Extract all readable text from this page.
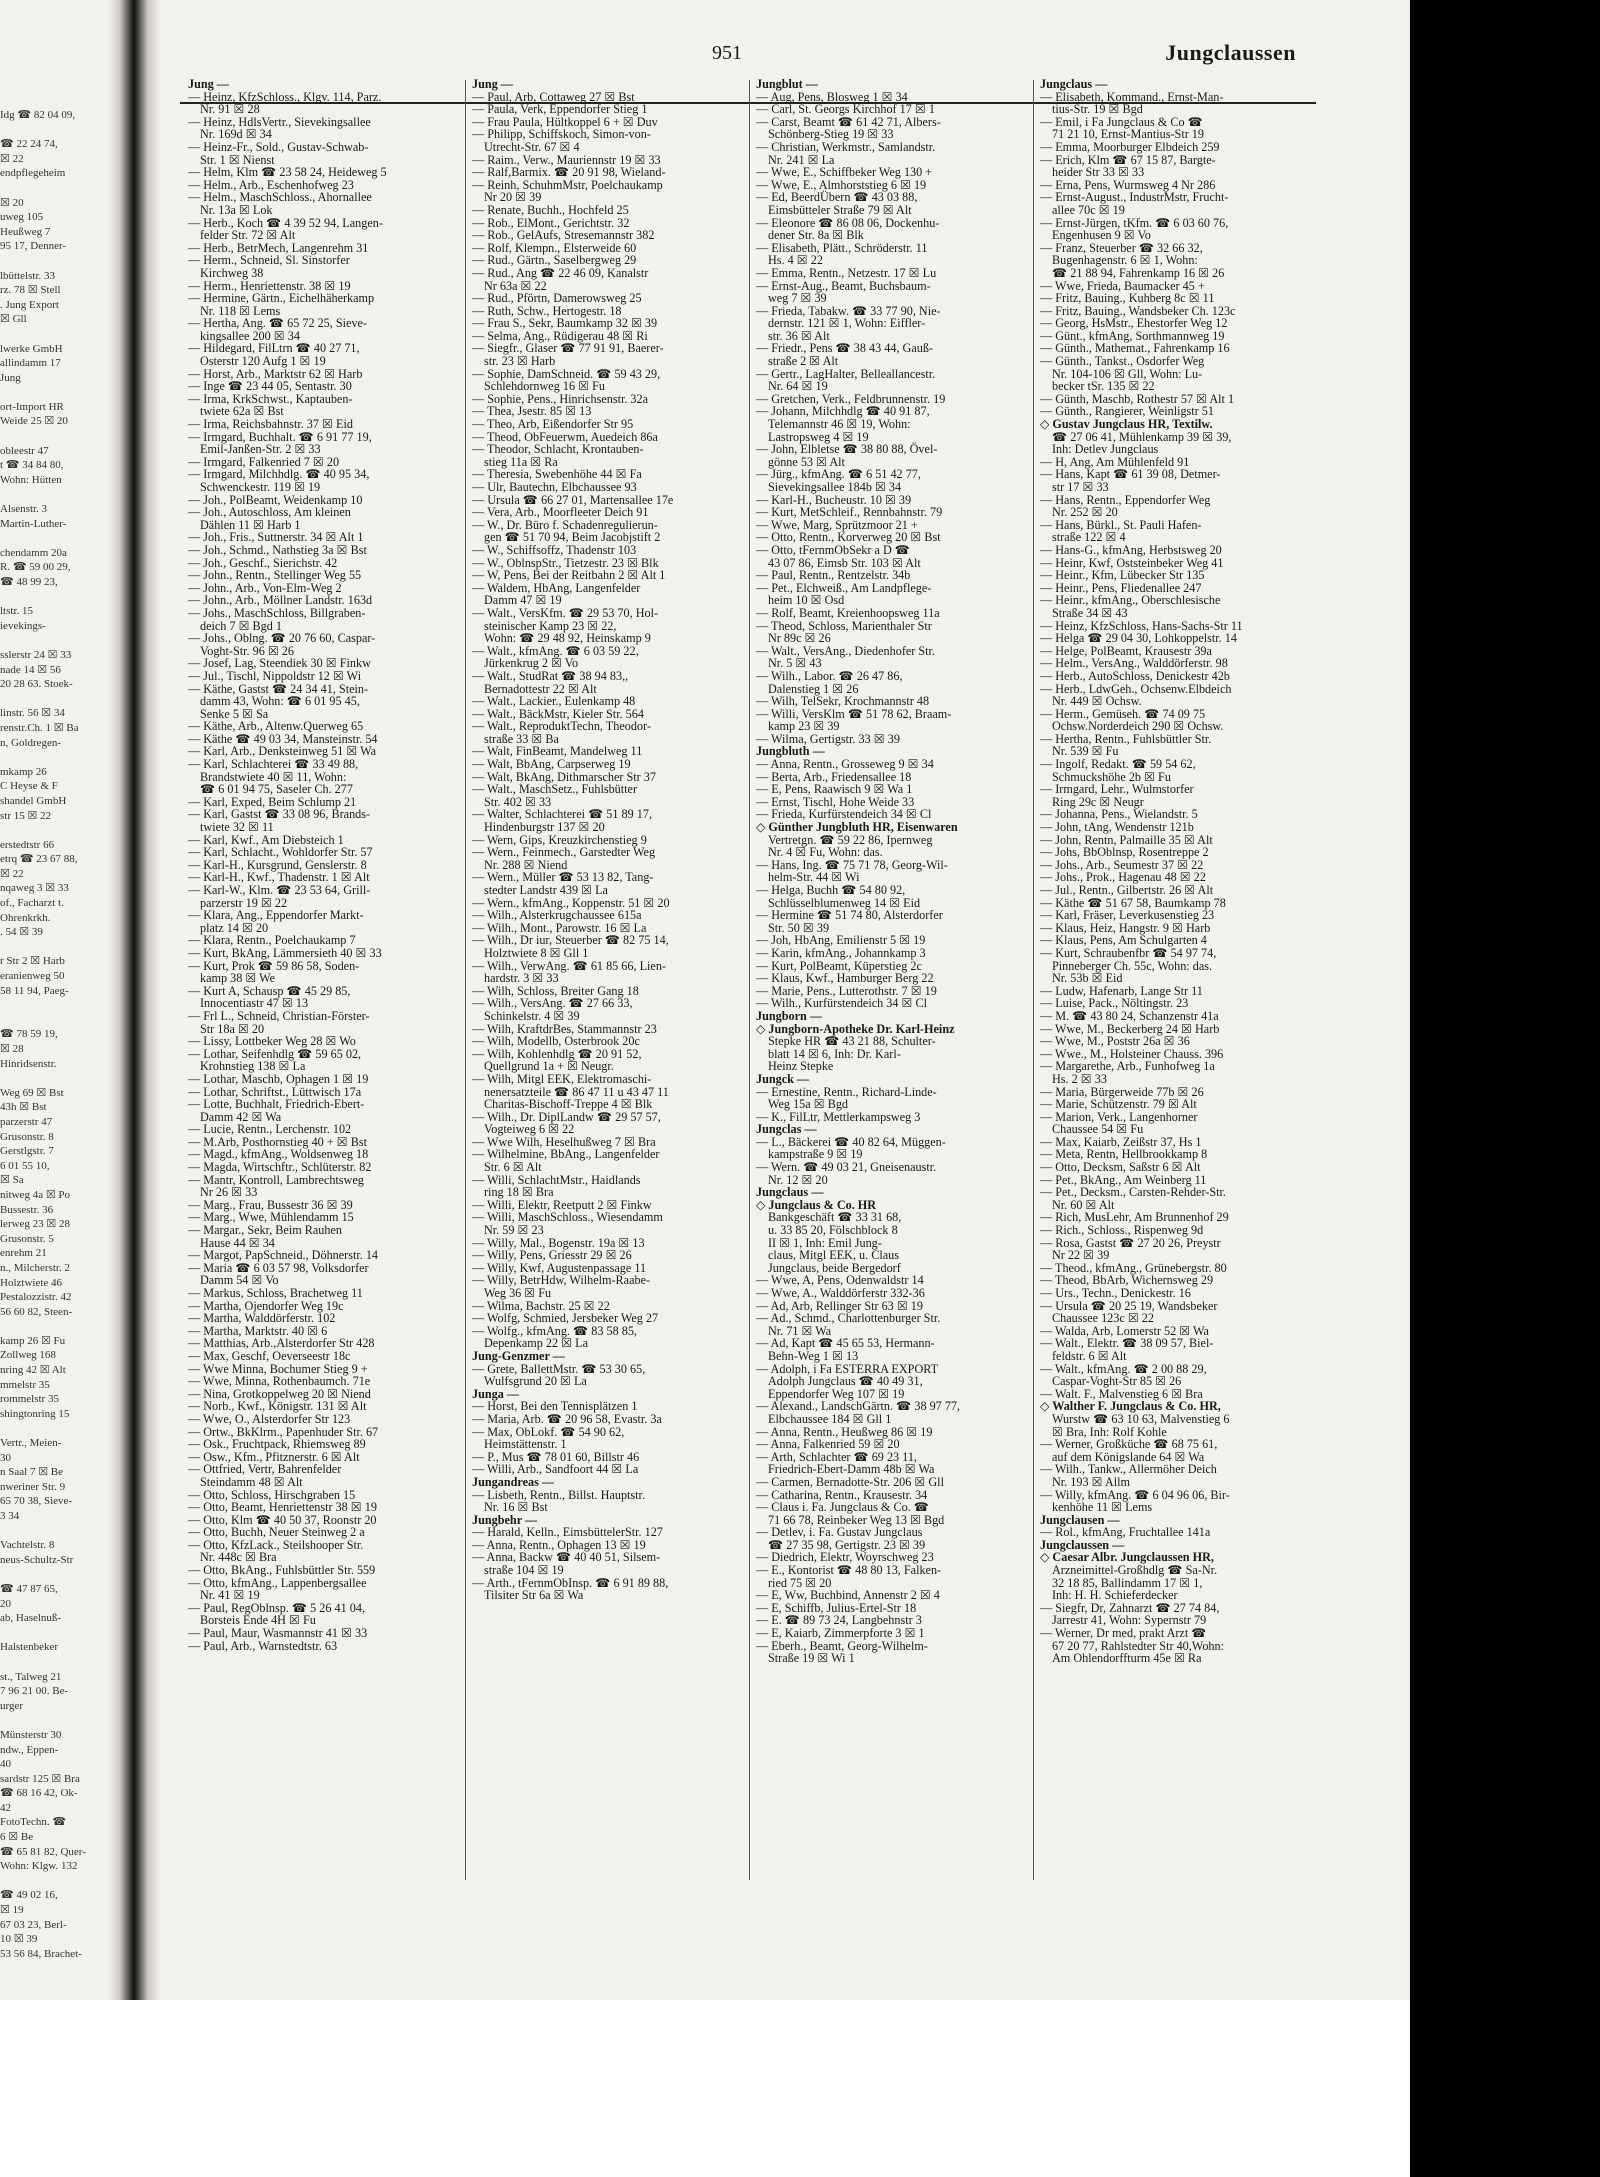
Idg ☎ 82 04 09,

☎ 22 24 74,
☒ 22
endpflegeheim

☒ 20
uweg 105
Heußweg 7
95 17, Denner-

lbüttelstr. 33
rz. 78 ☒ Stell
. Jung Export
☒ Gll

lwerke GmbH
allindamm 17
Jung

ort-Import HR
Weide 25 ☒ 20

obleestr 47
t ☎ 34 84 80,
Wohn: Hütten

Alsenstr. 3
Martin-Luther-

chendamm 20a
R. ☎ 59 00 29,
☎ 48 99 23,

ltstr. 15
ievekings-

sslerstr 24 ☒ 33
nade 14 ☒ 56
20 28 63. Stoek-

linstr. 56 ☒ 34
renstr.Ch. 1 ☒ Ba
n, Goldregen-

mkamp 26
C Heyse & F
shandel GmbH
str 15 ☒ 22

erstedtstr 66
etrq ☎ 23 67 88,
☒ 22
nqaweg 3 ☒ 33
of., Facharzt t.
Ohrenkrkh.
. 54 ☒ 39

r Str 2 ☒ Harb
eranienweg 50
58 11 94, Paeg-

☎ 78 59 19,
☒ 28
Hinridsenstr.

Weg 69 ☒ Bst
43h ☒ Bst
parzerstr 47
Grusonstr. 8
Gerstlgstr. 7
6 01 55 10,
☒ Sa
nitweg 4a ☒ Po
Bussestr. 36
lerweg 23 ☒ 28
Grusonstr. 5
enrehm 21
n., Milcherstr. 2
Holztwiete 46
Pestalozzistr. 42
56 60 82, Steen-

kamp 26 ☒ Fu
Zollweg 168
nring 42 ☒ Alt
mmelstr 35
rommelstr 35
shingtonring 15

Vertr., Meien-
30
n Saal 7 ☒ Be
nweriner Str. 9
65 70 38, Sieve-
3 34

Vachtelstr. 8
neus-Schultz-Str

☎ 47 87 65,
20
ab, Haselnuß-

Halstenbeker

st., Talweg 21
7 96 21 00. Be-
urger

Münsterstr 30
ndw., Eppen-
40
sardstr 125 ☒ Bra
☎ 68 16 42, Ok-
42
FotoTechn. ☎
6 ☒ Be
☎ 65 81 82, Quer-
Wohn: Klgw. 132

☎ 49 02 16,
☒ 19
67 03 23, Berl-
10 ☒ 39
53 56 84, Brachet-
951	Jungclaussen
Jung —
— Heinz, KfzSchloss., Klgv. 114, Parz.
Nr. 91 ☒ 28
— Heinz, HdlsVertr., Sievekingsallee
Nr. 169d ☒ 34
— Heinz-Fr., Sold., Gustav-Schwab-
Str. 1 ☒ Nienst
— Helm, Klm ☎ 23 58 24, Heideweg 5
— Helm., Arb., Eschenhofweg 23
— Helm., MaschSchloss., Ahornallee
Nr. 13a ☒ Lok
— Herb., Koch ☎ 4 39 52 94, Langen-
felder Str. 72 ☒ Alt
— Herb., BetrMech, Langenrehm 31
— Herm., Schneid, Sl. Sinstorfer
Kirchweg 38
— Herm., Henriettenstr. 38 ☒ 19
— Hermine, Gärtn., Eichelhäherkamp
Nr. 118 ☒ Lems
— Hertha, Ang. ☎ 65 72 25, Sieve-
kingsallee 200 ☒ 34
— Hildegard, FilLtrn ☎ 40 27 71,
Osterstr 120 Aufg 1 ☒ 19
— Horst, Arb., Marktstr 62 ☒ Harb
— Inge ☎ 23 44 05, Sentastr. 30
— Irma, KrkSchwst., Kaptauben-
twiete 62a ☒ Bst
— Irma, Reichsbahnstr. 37 ☒ Eid
— Irmgard, Buchhalt. ☎ 6 91 77 19,
Emil-Janßen-Str. 2 ☒ 33
— Irmgard, Falkenried 7 ☒ 20
— Irmgard, Milchhdlg. ☎ 40 95 34,
Schwenckestr. 119 ☒ 19
— Joh., PolBeamt, Weidenkamp 10
— Joh., Autoschloss, Am kleinen
Dählen 11 ☒ Harb 1
— Joh., Fris., Suttnerstr. 34 ☒ Alt 1
— Joh., Schmd., Nathstieg 3a ☒ Bst
— Joh., Geschf., Sierichstr. 42
— John., Rentn., Stellinger Weg 55
— John., Arb., Von-Elm-Weg 2
— John., Arb., Möllner Landstr. 163d
— Johs., MaschSchloss, Billgraben-
deich 7 ☒ Bgd 1
— Johs., Oblng. ☎ 20 76 60, Caspar-
Voght-Str. 96 ☒ 26
— Josef, Lag, Steendiek 30 ☒ Finkw
— Jul., Tischl, Nippoldstr 12 ☒ Wi
— Käthe, Gastst ☎ 24 34 41, Stein-
damm 43, Wohn: ☎ 6 01 95 45,
Senke 5 ☒ Sa
— Käthe, Arb., Altenw.Querweg 65
— Käthe ☎ 49 03 34, Mansteinstr. 54
— Karl, Arb., Denksteinweg 51 ☒ Wa
— Karl, Schlachterei ☎ 33 49 88,
Brandstwiete 40 ☒ 11, Wohn:
☎ 6 01 94 75, Saseler Ch. 277
— Karl, Exped, Beim Schlump 21
— Karl, Gastst ☎ 33 08 96, Brands-
twiete 32 ☒ 11
— Karl, Kwf., Am Diebsteich 1
— Karl, Schlacht., Wohldorfer Str. 57
— Karl-H., Kursgrund, Genslerstr. 8
— Karl-H., Kwf., Thadenstr. 1 ☒ Alt
— Karl-W., Klm. ☎ 23 53 64, Grill-
parzerstr 19 ☒ 22
— Klara, Ang., Eppendorfer Markt-
platz 14 ☒ 20
— Klara, Rentn., Poelchaukamp 7
— Kurt, BkAng, Lämmersieth 40 ☒ 33
— Kurt, Prok ☎ 59 86 58, Soden-
kamp 38 ☒ We
— Kurt A, Schausp ☎ 45 29 85,
Innocentiastr 47 ☒ 13
— Frl L., Schneid, Christian-Förster-
Str 18a ☒ 20
— Lissy, Lottbeker Weg 28 ☒ Wo
— Lothar, Seifenhdlg ☎ 59 65 02,
Krohnstieg 138 ☒ La
— Lothar, Maschb, Ophagen 1 ☒ 19
— Lothar, Schriftst., Lüttwisch 17a
— Lotte, Buchhalt, Friedrich-Ebert-
Damm 42 ☒ Wa
— Lucie, Rentn., Lerchenstr. 102
— M.Arb, Posthornstieg 40 + ☒ Bst
— Magd., kfmAng., Woldsenweg 18
— Magda, Wirtschftr., Schlüterstr. 82
— Mantr, Kontroll, Lambrechtsweg
Nr 26 ☒ 33
— Marg., Frau, Bussestr 36 ☒ 39
— Marg., Wwe, Mühlendamm 15
— Margar., Sekr, Beim Rauhen
Hause 44 ☒ 34
— Margot, PapSchneid., Döhnerstr. 14
— Maria ☎ 6 03 57 98, Volksdorfer
Damm 54 ☒ Vo
— Markus, Schloss, Brachetweg 11
— Martha, Ojendorfer Weg 19c
— Martha, Walddörferstr. 102
— Martha, Marktstr. 40 ☒ 6
— Matthias, Arb.,Alsterdorfer Str 428
— Max, Geschf, Oeverseestr 18c
— Wwe Minna, Bochumer Stieg 9 +
— Wwe, Minna, Rothenbaumch. 71e
— Nina, Grotkoppelweg 20 ☒ Niend
— Norb., Kwf., Königstr. 131 ☒ Alt
— Wwe, O., Alsterdorfer Str 123
— Ortw., BkKlrm., Papenhuder Str. 67
— Osk., Fruchtpack, Rhiemsweg 89
— Osw., Kfm., Pfitznerstr. 6 ☒ Alt
— Ottfried, Vertr, Bahrenfelder
Steindamm 48 ☒ Alt
— Otto, Schloss, Hirschgraben 15
— Otto, Beamt, Henriettenstr 38 ☒ 19
— Otto, Klm ☎ 40 50 37, Roonstr 20
— Otto, Buchh, Neuer Steinweg 2 a
— Otto, KfzLack., Steilshooper Str.
Nr. 448c ☒ Bra
— Otto, BkAng., Fuhlsbüttler Str. 559
— Otto, kfmAng., Lappenbergsallee
Nr. 41 ☒ 19
— Paul, RegOblnsp. ☎ 5 26 41 04,
Borsteis Ende 4H ☒ Fu
— Paul, Maur, Wasmannstr 41 ☒ 33
— Paul, Arb., Warnstedtstr. 63
Jung —
— Paul, Arb, Cottaweg 27 ☒ Bst
— Paula, Verk, Eppendorfer Stieg 1
— Frau Paula, Hültkoppel 6 + ☒ Duv
— Philipp, Schiffskoch, Simon-von-
Utrecht-Str. 67 ☒ 4
— Raim., Verw., Mauriennstr 19 ☒ 33
— Ralf,Barmix. ☎ 20 91 98, Wieland-
— Reinh, SchuhmMstr, Poelchaukamp
Nr 20 ☒ 39
— Renate, Buchh., Hochfeld 25
— Rob., ElMont., Gerichtstr. 32
— Rob., GelAufs, Stresemannstr 382
— Rolf, Klempn., Elsterweide 60
— Rud., Gärtn., Saselbergweg 29
— Rud., Ang ☎ 22 46 09, Kanalstr
Nr 63a ☒ 22
— Rud., Pförtn, Damerowsweg 25
— Ruth, Schw., Hertogestr. 18
— Frau S., Sekr, Baumkamp 32 ☒ 39
— Selma, Ang., Rüdigerau 48 ☒ Ri
— Siegfr., Glaser ☎ 77 91 91, Baerer-
str. 23 ☒ Harb
— Sophie, DamSchneid. ☎ 59 43 29,
Schlehdornweg 16 ☒ Fu
— Sophie, Pens., Hinrichsenstr. 32a
— Thea, Jsestr. 85 ☒ 13
— Theo, Arb, Eißendorfer Str 95
— Theod, ObFeuerwm, Auedeich 86a
— Theodor, Schlacht, Krontauben-
stieg 11a ☒ Ra
— Theresia, Swebenhöhe 44 ☒ Fa
— Ulr, Bautechn, Elbchaussee 93
— Ursula ☎ 66 27 01, Martensallee 17e
— Vera, Arb., Moorfleeter Deich 91
— W., Dr. Büro f. Schadenregulierun-
gen ☎ 51 70 94, Beim Jacobjstift 2
— W., Schiffsoffz, Thadenstr 103
— W., OblnspStr., Tietzestr. 23 ☒ Blk
— W, Pens, Bei der Reitbahn 2 ☒ Alt 1
— Waldem, HbAng, Langenfelder
Damm 47 ☒ 19
— Walt., VersKfm. ☎ 29 53 70, Hol-
steinischer Kamp 23 ☒ 22,
Wohn: ☎ 29 48 92, Heinskamp 9
— Walt., kfmAng. ☎ 6 03 59 22,
Jürkenkrug 2 ☒ Vo
— Walt., StudRat ☎ 38 94 83,,
Bernadottestr 22 ☒ Alt
— Walt., Lackier., Eulenkamp 48
— Walt., BäckMstr, Kieler Str. 564
— Walt., ReproduktTechn, Theodor-
straße 33 ☒ Ba
— Walt, FinBeamt, Mandelweg 11
— Walt, BbAng, Carpserweg 19
— Walt, BkAng, Dithmarscher Str 37
— Walt., MaschSetz., Fuhlsbütter
Str. 402 ☒ 33
— Walter, Schlachterei ☎ 51 89 17,
Hindenburgstr 137 ☒ 20
— Wern, Gips, Kreuzkirchenstieg 9
— Wern., Feinmech., Garstedter Weg
Nr. 288 ☒ Niend
— Wern., Müller ☎ 53 13 82, Tang-
stedter Landstr 439 ☒ La
— Wern., kfmAng., Koppenstr. 51 ☒ 20
— Wilh., Alsterkrugchaussee 615a
— Wilh., Mont., Parowstr. 16 ☒ La
— Wilh., Dr iur, Steuerber ☎ 82 75 14,
Holztwiete 8 ☒ Gll 1
— Wilh., VerwAng. ☎ 61 85 66, Lien-
hardstr. 3 ☒ 33
— Wilh, Schloss, Breiter Gang 18
— Wilh., VersAng. ☎ 27 66 33,
Schinkelstr. 4 ☒ 39
— Wilh, KraftdrBes, Stammannstr 23
— Wilh, Modellb, Osterbrook 20c
— Wilh, Kohlenhdlg ☎ 20 91 52,
Quellgrund 1a + ☒ Neugr.
— Wilh, Mitgl EEK, Elektromaschi-
nenersatzteile ☎ 86 47 11 u 43 47 11
Charitas-Bischoff-Treppe 4 ☒ Blk
— Wilh., Dr. DiplLandw ☎ 29 57 57,
Vogteiweg 6 ☒ 22
— Wwe Wilh, Heselhußweg 7 ☒ Bra
— Wilhelmine, BbAng., Langenfelder
Str. 6 ☒ Alt
— Willi, SchlachtMstr., Haidlands
ring 18 ☒ Bra
— Willi, Elektr, Reetputt 2 ☒ Finkw
— Willi, MaschSchloss., Wiesendamm
Nr. 59 ☒ 23
— Willy, Mal., Bogenstr. 19a ☒ 13
— Willy, Pens, Griesstr 29 ☒ 26
— Willy, Kwf, Augustenpassage 11
— Willy, BetrHdw, Wilhelm-Raabe-
Weg 36 ☒ Fu
— Wilma, Bachstr. 25 ☒ 22
— Wolfg, Schmied, Jersbeker Weg 27
— Wolfg., kfmAng. ☎ 83 58 85,
Depenkamp 22 ☒ La
Jung-Genzmer —
— Grete, BallettMstr. ☎ 53 30 65,
Wulfsgrund 20 ☒ La
Junga —
— Horst, Bei den Tennisplätzen 1
— Maria, Arb. ☎ 20 96 58, Evastr. 3a
— Max, ObLokf. ☎ 54 90 62,
Heimstättenstr. 1
— P., Mus ☎ 78 01 60, Billstr 46
— Willi, Arb., Sandfoort 44 ☒ La
Jungandreas —
— Lisbeth, Rentn., Billst. Hauptstr.
Nr. 16 ☒ Bst
Jungbehr —
— Harald, Kelln., EimsbüttelerStr. 127
— Anna, Rentn., Ophagen 13 ☒ 19
— Anna, Backw ☎ 40 40 51, Silsem-
straße 104 ☒ 19
— Arth., tFernmObInsp. ☎ 6 91 89 88,
Tilsiter Str 6a ☒ Wa
Jungblut —
— Aug, Pens, Blosweg 1 ☒ 34
— Carl, St. Georgs Kirchhof 17 ☒ 1
— Carst, Beamt ☎ 61 42 71, Albers-
Schönberg-Stieg 19 ☒ 33
— Christian, Werkmstr., Samlandstr.
Nr. 241 ☒ La
— Wwe, E., Schiffbeker Weg 130 +
— Wwe, E., Almhorststieg 6 ☒ 19
— Ed, BeerdÜbern ☎ 43 03 88,
Eimsbütteler Straße 79 ☒ Alt
— Eleonore ☎ 86 08 06, Dockenhu-
dener Str. 8a ☒ Blk
— Elisabeth, Plätt., Schröderstr. 11
Hs. 4 ☒ 22
— Emma, Rentn., Netzestr. 17 ☒ Lu
— Ernst-Aug., Beamt, Buchsbaum-
weg 7 ☒ 39
— Frieda, Tabakw. ☎ 33 77 90, Nie-
dernstr. 121 ☒ 1, Wohn: Eiffler-
str. 36 ☒ Alt
— Friedr., Pens ☎ 38 43 44, Gauß-
straße 2 ☒ Alt
— Gertr., LagHalter, Belleallancestr.
Nr. 64 ☒ 19
— Gretchen, Verk., Feldbrunnenstr. 19
— Johann, Milchhdlg ☎ 40 91 87,
Telemannstr 46 ☒ 19, Wohn:
Lastropsweg 4 ☒ 19
— John, Elbletse ☎ 38 80 88, Övel-
gönne 53 ☒ Alt
— Jürg., kfmAng. ☎ 6 51 42 77,
Sievekingsallee 184b ☒ 34
— Karl-H., Bucheustr. 10 ☒ 39
— Kurt, MetSchleif., Rennbahnstr. 79
— Wwe, Marg, Sprützmoor 21 +
— Otto, Rentn., Korverweg 20 ☒ Bst
— Otto, tFernmObSekr a D ☎
43 07 86, Eimsb Str. 103 ☒ Alt
— Paul, Rentn., Rentzelstr. 34b
— Pet., Elchweiß., Am Landpflege-
heim 10 ☒ Osd
— Rolf, Beamt, Kreienhoopsweg 11a
— Theod, Schloss, Marienthaler Str
Nr 89c ☒ 26
— Walt., VersAng., Diedenhofer Str.
Nr. 5 ☒ 43
— Wilh., Labor. ☎ 26 47 86,
Dalenstieg 1 ☒ 26
— Wilh, TelSekr, Krochmannstr 48
— Willi, VersKlm ☎ 51 78 62, Braam-
kamp 23 ☒ 39
— Wilma, Gertigstr. 33 ☒ 39
Jungbluth —
— Anna, Rentn., Grosseweg 9 ☒ 34
— Berta, Arb., Friedensallee 18
— E, Pens, Raawisch 9 ☒ Wa 1
— Ernst, Tischl, Hohe Weide 33
— Frieda, Kurfürstendeich 34 ☒ Cl
◇ Günther Jungbluth HR, Eisenwaren
Vertretgn. ☎ 59 22 86, Ipernweg
Nr. 4 ☒ Fu, Wohn: das.
— Hans, Ing. ☎ 75 71 78, Georg-Wil-
helm-Str. 44 ☒ Wi
— Helga, Buchh ☎ 54 80 92,
Schlüsselblumenweg 14 ☒ Eid
— Hermine ☎ 51 74 80, Alsterdorfer
Str. 50 ☒ 39
— Joh, HbAng, Emilienstr 5 ☒ 19
— Karin, kfmAng., Johannkamp 3
— Kurt, PolBeamt, Küperstieg 2c
— Klaus, Kwf., Hamburger Berg 22
— Marie, Pens., Lutterothstr. 7 ☒ 19
— Wilh., Kurfürstendeich 34 ☒ Cl
Jungborn —
◇ Jungborn-Apotheke Dr. Karl-Heinz
Stepke HR ☎ 43 21 88, Schulter-
blatt 14 ☒ 6, Inh: Dr. Karl-
Heinz Stepke
Jungck —
— Ernestine, Rentn., Richard-Linde-
Weg 15a ☒ Bgd
— K., FilLtr, Mettlerkampsweg 3
Jungclas —
— L., Bäckerei ☎ 40 82 64, Müggen-
kampstraße 9 ☒ 19
— Wern. ☎ 49 03 21, Gneisenaustr.
Nr. 12 ☒ 20
Jungclaus —
◇ Jungclaus & Co. HR
Bankgeschäft ☎ 33 31 68,
u. 33 85 20, Fölschblock 8
II ☒ 1, Inh: Emil Jung-
claus, Mitgl EEK, u. Claus
Jungclaus, beide Bergedorf
— Wwe, A, Pens, Odenwaldstr 14
— Wwe, A., Walddörferstr 332-36
— Ad, Arb, Rellinger Str 63 ☒ 19
— Ad., Schmd., Charlottenburger Str.
Nr. 71 ☒ Wa
— Ad, Kapt ☎ 45 65 53, Hermann-
Behn-Weg 1 ☒ 13
— Adolph, i Fa ESTERRA EXPORT
Adolph Jungclaus ☎ 40 49 31,
Eppendorfer Weg 107 ☒ 19
— Alexand., LandschGärtn. ☎ 38 97 77,
Elbchaussee 184 ☒ Gll 1
— Anna, Rentn., Heußweg 86 ☒ 19
— Anna, Falkenried 59 ☒ 20
— Arth, Schlachter ☎ 69 23 11,
Friedrich-Ebert-Damm 48b ☒ Wa
— Carmen, Bernadotte-Str. 206 ☒ Gll
— Catharina, Rentn., Krausestr. 34
— Claus i. Fa. Jungclaus & Co. ☎
71 66 78, Reinbeker Weg 13 ☒ Bgd
— Detlev, i. Fa. Gustav Jungclaus
☎ 27 35 98, Gertigstr. 23 ☒ 39
— Diedrich, Elektr, Woyrschweg 23
— E., Kontorist ☎ 48 80 13, Falken-
ried 75 ☒ 20
— E, Ww, Buchbind, Annenstr 2 ☒ 4
— E, Schiffb, Julius-Ertel-Str 18
— E. ☎ 89 73 24, Langbehnstr 3
— E, Kaiarb, Zimmerpforte 3 ☒ 1
— Eberh., Beamt, Georg-Wilhelm-
Straße 19 ☒ Wi 1
Jungclaus —
— Elisabeth, Kommand., Ernst-Man-
tius-Str. 19 ☒ Bgd
— Emil, i Fa Jungclaus & Co ☎
71 21 10, Ernst-Mantius-Str 19
— Emma, Moorburger Elbdeich 259
— Erich, Klm ☎ 67 15 87, Bargte-
heider Str 33 ☒ 33
— Erna, Pens, Wurmsweg 4 Nr 286
— Ernst-August., IndustrMstr, Frucht-
allee 70c ☒ 19
— Ernst-Jürgen, tKfm. ☎ 6 03 60 76,
Engenhusen 9 ☒ Vo
— Franz, Steuerber ☎ 32 66 32,
Bugenhagenstr. 6 ☒ 1, Wohn:
☎ 21 88 94, Fahrenkamp 16 ☒ 26
— Wwe, Frieda, Baumacker 45 +
— Fritz, Bauing., Kuhberg 8c ☒ 11
— Fritz, Bauing., Wandsbeker Ch. 123c
— Georg, HsMstr., Ehestorfer Weg 12
— Günt., kfmAng, Sorthmannweg 19
— Günth., Mathemat., Fahrenkamp 16
— Günth., Tankst., Osdorfer Weg
Nr. 104-106 ☒ Gll, Wohn: Lu-
becker tSr. 135 ☒ 22
— Günth, Maschb, Rothestr 57 ☒ Alt 1
— Günth., Rangierer, Weinligstr 51
◇ Gustav Jungclaus HR, Textilw.
☎ 27 06 41, Mühlenkamp 39 ☒ 39,
Inh: Detlev Jungclaus
— H, Ang, Am Mühlenfeld 91
— Hans, Kapt ☎ 61 39 08, Detmer-
str 17 ☒ 33
— Hans, Rentn., Eppendorfer Weg
Nr. 252 ☒ 20
— Hans, Bürkl., St. Pauli Hafen-
straße 122 ☒ 4
— Hans-G., kfmAng, Herbstsweg 20
— Heinr, Kwf, Oststeinbeker Weg 41
— Heinr., Kfm, Lübecker Str 135
— Heinr., Pens, Fliedenallee 247
— Heinr., kfmAng., Oberschlesische
Straße 34 ☒ 43
— Heinz, KfzSchloss, Hans-Sachs-Str 11
— Helga ☎ 29 04 30, Lohkoppelstr. 14
— Helge, PolBeamt, Krausestr 39a
— Helm., VersAng., Walddörferstr. 98
— Herb., AutoSchloss, Denickestr 42b
— Herb., LdwGeh., Ochsenw.Elbdeich
Nr. 449 ☒ Ochsw.
— Herm., Gemüseh. ☎ 74 09 75
Ochsw.Norderdeich 290 ☒ Ochsw.
— Hertha, Rentn., Fuhlsbüttler Str.
Nr. 539 ☒ Fu
— Ingolf, Redakt. ☎ 59 54 62,
Schmuckshöhe 2b ☒ Fu
— Irmgard, Lehr., Wulmstorfer
Ring 29c ☒ Neugr
— Johanna, Pens., Wielandstr. 5
— John, tAng, Wendenstr 121b
— John, Rentn, Palmaille 35 ☒ Alt
— Johs, BbOblnsp, Rosentreppe 2
— Johs., Arb., Seumestr 37 ☒ 22
— Johs., Prok., Hagenau 48 ☒ 22
— Jul., Rentn., Gilbertstr. 26 ☒ Alt
— Käthe ☎ 51 67 58, Baumkamp 78
— Karl, Fräser, Leverkusenstieg 23
— Klaus, Heiz, Hangstr. 9 ☒ Harb
— Klaus, Pens, Am Schulgarten 4
— Kurt, Schraubenfbr ☎ 54 97 74,
Pinneberger Ch. 55c, Wohn: das.
Nr. 53b ☒ Eid
— Ludw, Hafenarb, Lange Str 11
— Luise, Pack., Nöltingstr. 23
— M. ☎ 43 80 24, Schanzenstr 41a
— Wwe, M., Beckerberg 24 ☒ Harb
— Wwe, M., Poststr 26a ☒ 36
— Wwe., M., Holsteiner Chauss. 396
— Margarethe, Arb., Funhofweg 1a
Hs. 2 ☒ 33
— Maria, Bürgerweide 77b ☒ 26
— Marie, Schützenstr. 79 ☒ Alt
— Marion, Verk., Langenhorner
Chaussee 54 ☒ Fu
— Max, Kaiarb, Zeißstr 37, Hs 1
— Meta, Rentn, Hellbrookkamp 8
— Otto, Decksm, Saßstr 6 ☒ Alt
— Pet., BkAng., Am Weinberg 11
— Pet., Decksm., Carsten-Rehder-Str.
Nr. 60 ☒ Alt
— Rich, MusLehr, Am Brunnenhof 29
— Rich., Schloss., Rispenweg 9d
— Rosa, Gastst ☎ 27 20 26, Preystr
Nr 22 ☒ 39
— Theod., kfmAng., Grünebergstr. 80
— Theod, BbArb, Wichernsweg 29
— Urs., Techn., Denickestr. 16
— Ursula ☎ 20 25 19, Wandsbeker
Chaussee 123c ☒ 22
— Walda, Arb, Lomerstr 52 ☒ Wa
— Walt., Elektr. ☎ 38 09 57, Biel-
feldstr. 6 ☒ Alt
— Walt., kfmAng. ☎ 2 00 88 29,
Caspar-Voght-Str 85 ☒ 26
— Walt. F., Malvenstieg 6 ☒ Bra
◇ Walther F. Jungclaus & Co. HR,
Wurstw ☎ 63 10 63, Malvenstieg 6
☒ Bra, Inh: Rolf Kohle
— Werner, Großküche ☎ 68 75 61,
auf dem Königslande 64 ☒ Wa
— Wilh., Tankw., Allermöher Deich
Nr. 193 ☒ Allm
— Willy, kfmAng. ☎ 6 04 96 06, Bir-
kenhöhe 11 ☒ Lems
Jungclausen —
— Rol., kfmAng, Fruchtallee 141a
Jungclaussen —
◇ Caesar Albr. Jungclaussen HR,
Arzneimittel-Großhdlg ☎ Sa-Nr.
32 18 85, Ballindamm 17 ☒ 1,
Inh: H. H. Schieferdecker
— Siegfr, Dr, Zahnarzt ☎ 27 74 84,
Jarrestr 41, Wohn: Sypernstr 79
— Werner, Dr med, prakt Arzt ☎
67 20 77, Rahlstedter Str 40,Wohn:
Am Ohlendorffturm 45e ☒ Ra
